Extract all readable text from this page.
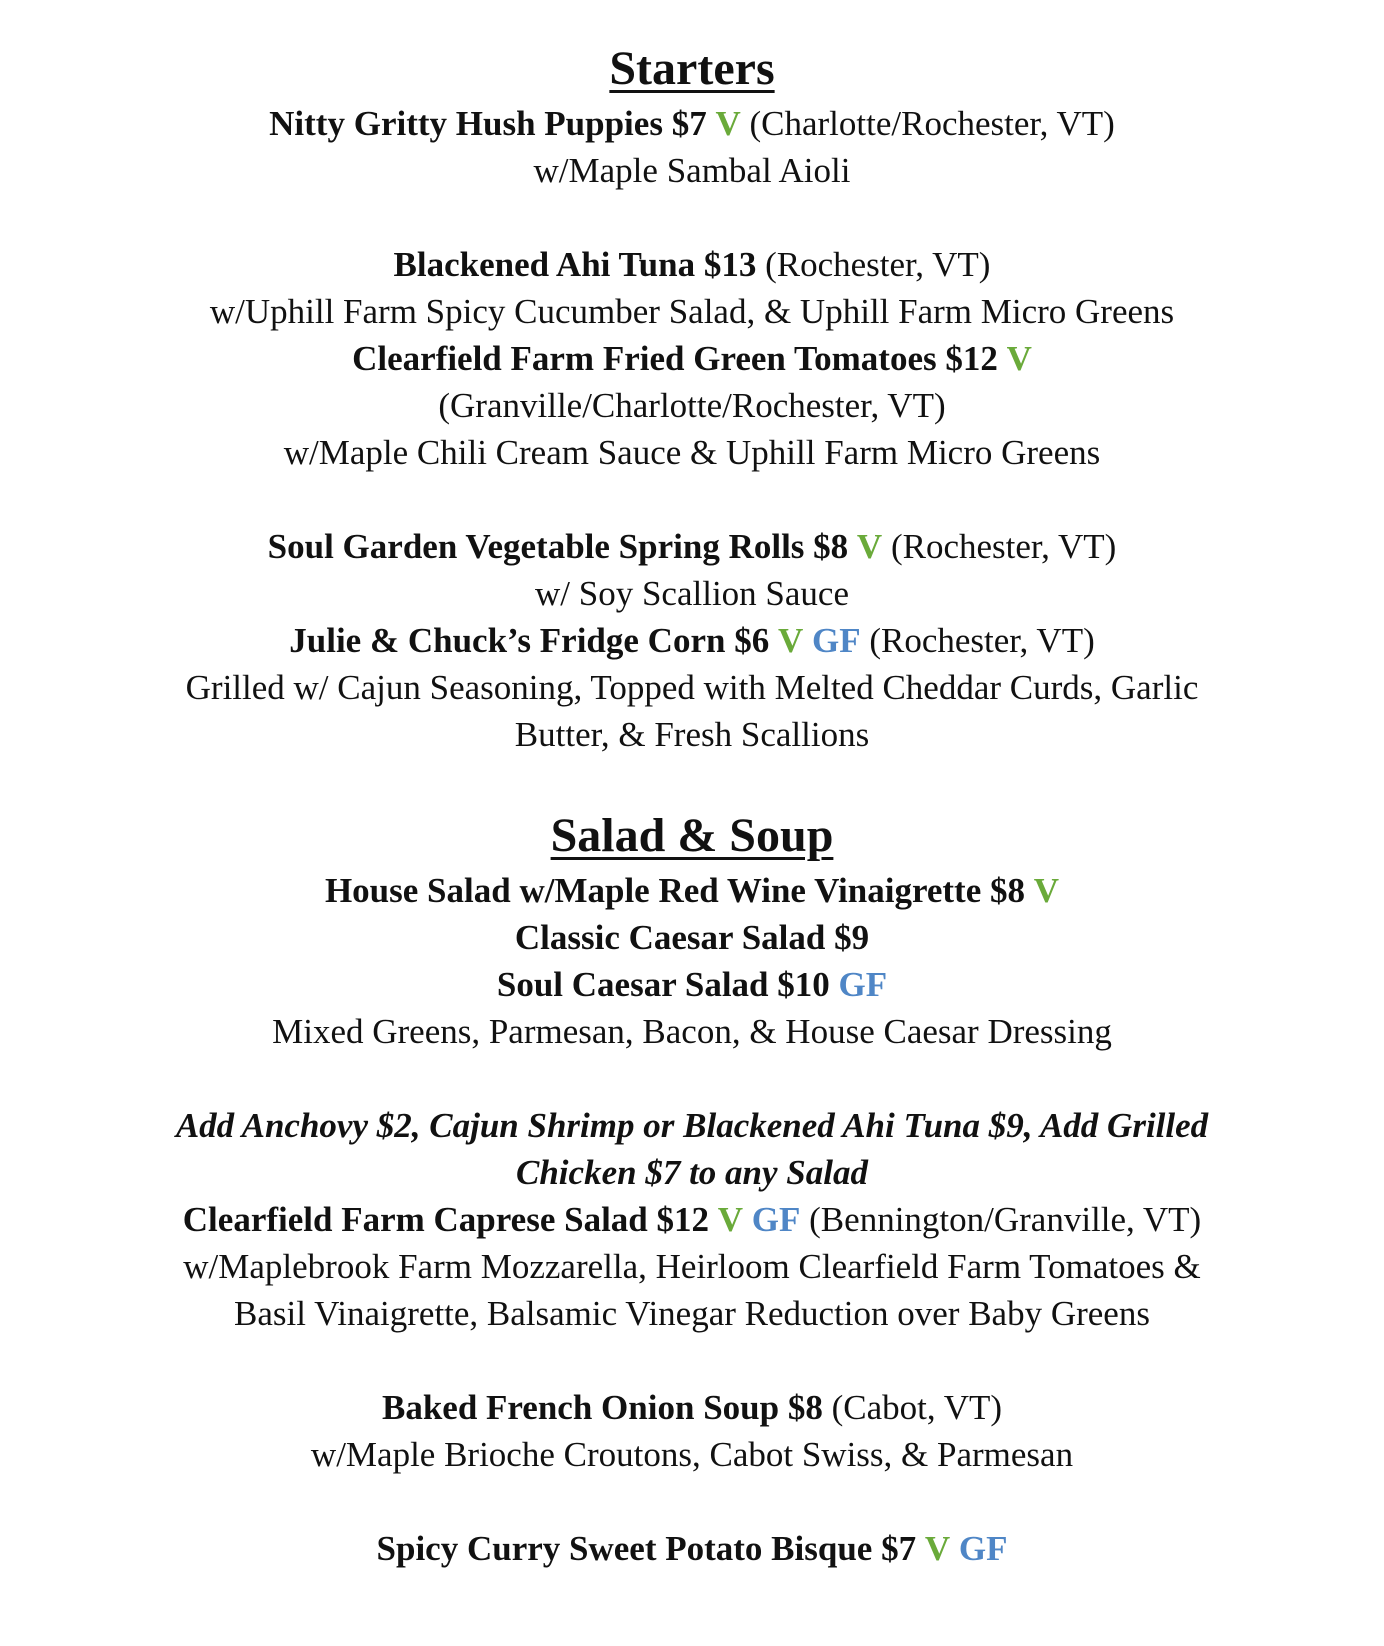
Starters
Nitty Gritty Hush Puppies $7 V (Charlotte/Rochester, VT)
w/Maple Sambal Aioli
Blackened Ahi Tuna $13 (Rochester, VT)
w/Uphill Farm Spicy Cucumber Salad, & Uphill Farm Micro Greens
Clearfield Farm Fried Green Tomatoes $12 V
(Granville/Charlotte/Rochester, VT)
w/Maple Chili Cream Sauce & Uphill Farm Micro Greens
Soul Garden Vegetable Spring Rolls $8 V (Rochester, VT)
w/ Soy Scallion Sauce
Julie & Chuck’s Fridge Corn $6 V GF (Rochester, VT)
Grilled w/ Cajun Seasoning, Topped with Melted Cheddar Curds, Garlic
Butter, & Fresh Scallions
Salad & Soup
House Salad w/Maple Red Wine Vinaigrette $8 V
Classic Caesar Salad $9
Soul Caesar Salad $10 GF
Mixed Greens, Parmesan, Bacon, & House Caesar Dressing
Add Anchovy $2, Cajun Shrimp or Blackened Ahi Tuna $9, Add Grilled
Chicken $7 to any Salad
Clearfield Farm Caprese Salad $12 V GF (Bennington/Granville, VT)
w/Maplebrook Farm Mozzarella, Heirloom Clearfield Farm Tomatoes &
Basil Vinaigrette, Balsamic Vinegar Reduction over Baby Greens
Baked French Onion Soup $8 (Cabot, VT)
w/Maple Brioche Croutons, Cabot Swiss, & Parmesan
Spicy Curry Sweet Potato Bisque $7 V GF
